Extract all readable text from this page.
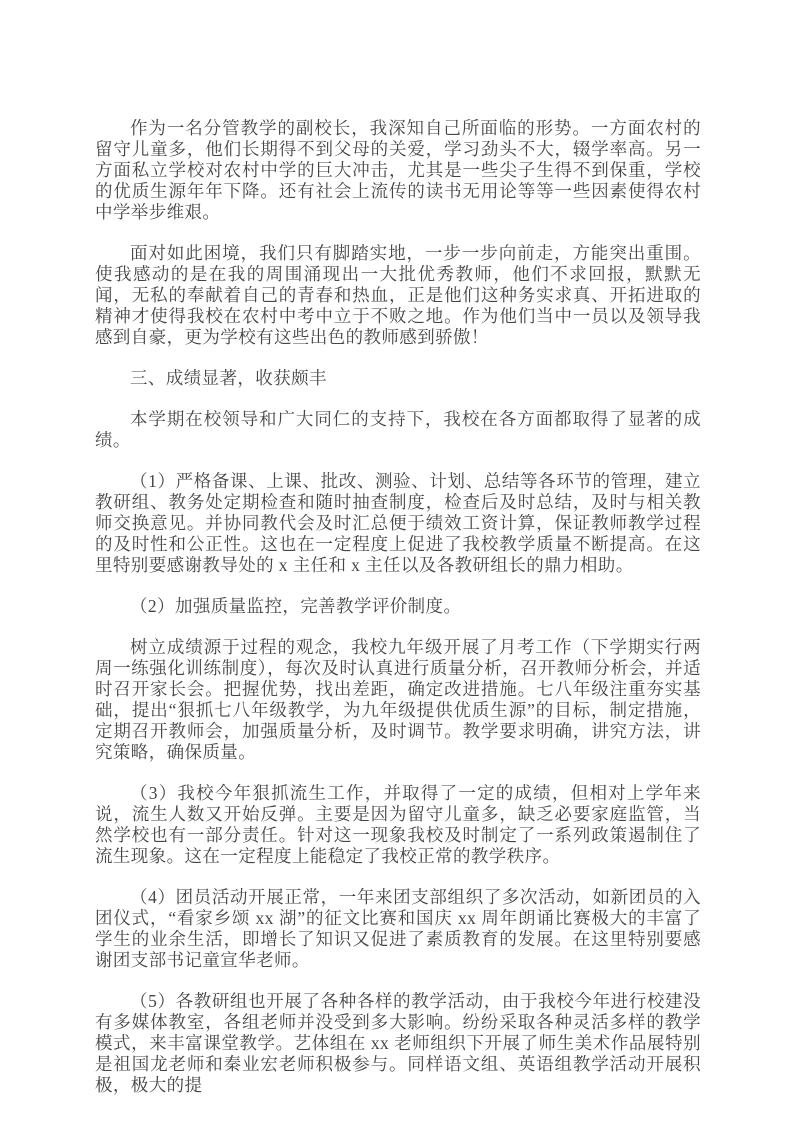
作为一名分管教学的副校长，我深知自己所面临的形势。一方面农村的留守儿童多，他们长期得不到父母的关爱，学习劲头不大，辍学率高。另一方面私立学校对农村中学的巨大冲击，尤其是一些尖子生得不到保重，学校的优质生源年年下降。还有社会上流传的读书无用论等等一些因素使得农村中学举步维艰。

面对如此困境，我们只有脚踏实地，一步一步向前走，方能突出重围。使我感动的是在我的周围涌现出一大批优秀教师，他们不求回报，默默无闻，无私的奉献着自己的青春和热血，正是他们这种务实求真、开拓进取的精神才使得我校在农村中考中立于不败之地。作为他们当中一员以及领导我感到自豪，更为学校有这些出色的教师感到骄傲！

三、成绩显著，收获颇丰

本学期在校领导和广大同仁的支持下，我校在各方面都取得了显著的成绩。

（1）严格备课、上课、批改、测验、计划、总结等各环节的管理，建立教研组、教务处定期检查和随时抽查制度，检查后及时总结，及时与相关教师交换意见。并协同教代会及时汇总便于绩效工资计算，保证教师教学过程的及时性和公正性。这也在一定程度上促进了我校教学质量不断提高。在这里特别要感谢教导处的 x 主任和 x 主任以及各教研组长的鼎力相助。

（2）加强质量监控，完善教学评价制度。

树立成绩源于过程的观念，我校九年级开展了月考工作（下学期实行两周一练强化训练制度），每次及时认真进行质量分析，召开教师分析会，并适时召开家长会。把握优势，找出差距，确定改进措施。七八年级注重夯实基础，提出“狠抓七八年级教学，为九年级提供优质生源”的目标，制定措施，定期召开教师会，加强质量分析，及时调节。教学要求明确，讲究方法，讲究策略，确保质量。

（3）我校今年狠抓流生工作，并取得了一定的成绩，但相对上学年来说，流生人数又开始反弹。主要是因为留守儿童多，缺乏必要家庭监管，当然学校也有一部分责任。针对这一现象我校及时制定了一系列政策遏制住了流生现象。这在一定程度上能稳定了我校正常的教学秩序。

（4）团员活动开展正常，一年来团支部组织了多次活动，如新团员的入团仪式，“看家乡颂 xx 湖”的征文比赛和国庆 xx 周年朗诵比赛极大的丰富了学生的业余生活，即增长了知识又促进了素质教育的发展。在这里特别要感谢团支部书记童宣华老师。

（5）各教研组也开展了各种各样的教学活动，由于我校今年进行校建没有多媒体教室，各组老师并没受到多大影响。纷纷采取各种灵活多样的教学模式，来丰富课堂教学。艺体组在 xx 老师组织下开展了师生美术作品展特别是祖国龙老师和秦业宏老师积极参与。同样语文组、英语组教学活动开展积极，极大的提
